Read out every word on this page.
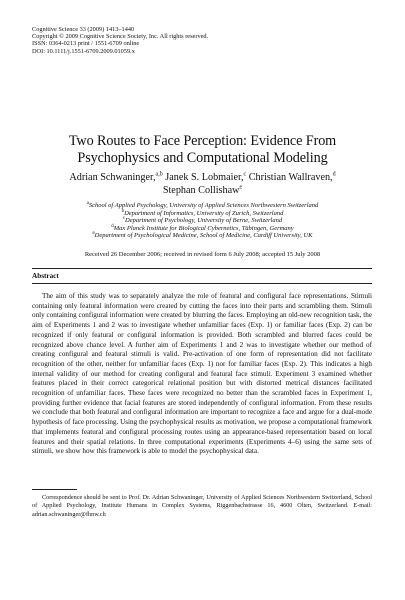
Cognitive Science 33 (2009) 1413–1440
Copyright © 2009 Cognitive Science Society, Inc. All rights reserved.
ISSN: 0364-0213 print / 1551-6709 online
DOI: 10.1111/j.1551-6709.2009.01059.x
Two Routes to Face Perception: Evidence From
Psychophysics and Computational Modeling
Adrian Schwaninger,$^{a,b}$ Janek S. Lobmaier,$^c$ Christian Wallraven,$^d$
Stephan Collishaw$^e$
$^a$School of Applied Psychology, University of Applied Sciences Northwestern Switzerland
$^b$Department of Informatics, University of Zurich, Switzerland
$^c$Department of Psychology, University of Berne, Switzerland
$^d$Max Planck Institute for Biological Cybernetics, Tübingen, Germany
$^e$Department of Psychological Medicine, School of Medicine, Cardiff University, UK
Received 26 December 2006; received in revised form 6 July 2008; accepted 15 July 2008
Abstract
The aim of this study was to separately analyze the role of featural and configural face representations. Stimuli containing only featural information were created by cutting the faces into their parts and scrambling them. Stimuli only containing configural information were created by blurring the faces. Employing an old-new recognition task, the aim of Experiments 1 and 2 was to investigate whether unfamiliar faces (Exp. 1) or familiar faces (Exp. 2) can be recognized if only featural or configural information is provided. Both scrambled and blurred faces could be recognized above chance level. A further aim of Experiments 1 and 2 was to investigate whether our method of creating configural and featural stimuli is valid. Pre-activation of one form of representation did not facilitate recognition of the other, neither for unfamiliar faces (Exp. 1) nor for familiar faces (Exp. 2). This indicates a high internal validity of our method for creating configural and featural face stimuli. Experiment 3 examined whether features placed in their correct categorical relational position but with distorted metrical distances facilitated recognition of unfamiliar faces. These faces were recognized no better than the scrambled faces in Experiment 1, providing further evidence that facial features are stored independently of configural information. From these results we conclude that both featural and configural information are important to recognize a face and argue for a dual-mode hypothesis of face processing. Using the psychophysical results as motivation, we propose a computational framework that implements featural and configural processing routes using an appearance-based representation based on local features and their spatial relations. In three computational experiments (Experiments 4–6) using the same sets of stimuli, we show how this framework is able to model the psychophysical data.
Correspondence should be sent to Prof. Dr. Adrian Schwaninger, University of Applied Sciences Northwestern Switzerland, School of Applied Psychology, Institute Humans in Complex Systems, Riggenbachstrasse 16, 4600 Olten, Switzerland. E-mail: adrian.schwaninger@fhnw.ch
